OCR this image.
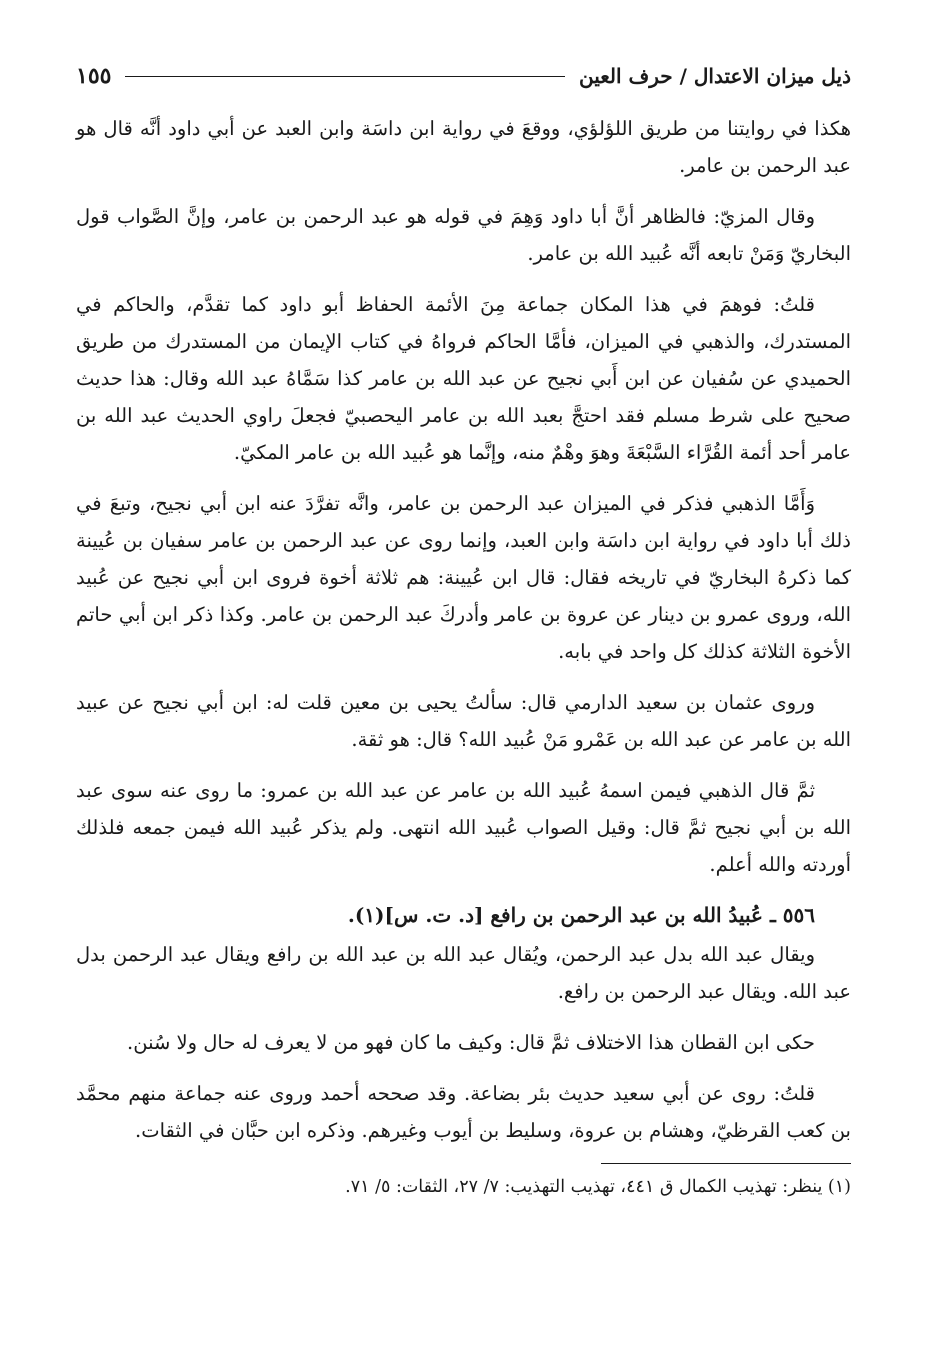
ذيل ميزان الاعتدال / حرف العين
١٥٥

هكذا في روايتنا من طريق اللؤلؤي، ووقعَ في رواية ابن داسَة وابن العبد عن أبي داود أنَّه قال هو عبد الرحمن بن عامر.

وقال المزيّ: فالظاهر أنَّ أبا داود وَهِمَ في قوله هو عبد الرحمن بن عامر، وإنَّ الصَّواب قول البخاريّ وَمَنْ تابعه أنَّه عُبيد الله بن عامر.

قلتُ: فوهمَ في هذا المكان جماعة مِنَ الأئمة الحفاظ أبو داود كما تقدَّم، والحاكم في المستدرك، والذهبي في الميزان، فأمَّا الحاكم فرواهُ في كتاب الإيمان من المستدرك من طريق الحميدي عن سُفيان عن ابن أَبي نجيح عن عبد الله بن عامر كذا سَمَّاهُ عبد الله وقال: هذا حديث صحيح على شرط مسلم فقد احتجَّ بعبد الله بن عامر اليحصبيّ فجعلَ راوي الحديث عبد الله بن عامر أحد أئمة القُرَّاء السَّبْعَةَ وهوَ وهْمٌ منه، وإنَّما هو عُبيد الله بن عامر المكيّ.

وَأَمَّا الذهبي فذكر في الميزان عبد الرحمن بن عامر، وانَّه تفرَّدَ عنه ابن أبي نجيح، وتبعَ في ذلك أبا داود في رواية ابن داسَة وابن العبد، وإنما روى عن عبد الرحمن بن عامر سفيان بن عُيينة كما ذكرهُ البخاريّ في تاريخه فقال: قال ابن عُيينة: هم ثلاثة أخوة فروى ابن أبي نجيح عن عُبيد الله، وروى عمرو بن دينار عن عروة بن عامر وأدركَ عبد الرحمن بن عامر. وكذا ذكر ابن أبي حاتم الأخوة الثلاثة كذلك كل واحد في بابه.

وروى عثمان بن سعيد الدارمي قال: سألتُ يحيى بن معين قلت له: ابن أبي نجيح عن عبيد الله بن عامر عن عبد الله بن عَمْرو مَنْ عُبيد الله؟ قال: هو ثقة.

ثمَّ قال الذهبي فيمن اسمهُ عُبيد الله بن عامر عن عبد الله بن عمرو: ما روى عنه سوى عبد الله بن أبي نجيح ثمَّ قال: وقيل الصواب عُبيد الله انتهى. ولم يذكر عُبيد الله فيمن جمعه فلذلك أوردته والله أعلم.

٥٥٦ ـ عُبيدُ الله بن عبد الرحمن بن رافع [د. ت. س](١).

ويقال عبد الله بدل عبد الرحمن، ويُقال عبد الله بن عبد الله بن رافع ويقال عبد الرحمن بدل عبد الله. ويقال عبد الرحمن بن رافع.

حكى ابن القطان هذا الاختلاف ثمَّ قال: وكيف ما كان فهو من لا يعرف له حال ولا سُنن.

قلتُ: روى عن أبي سعيد حديث بئر بضاعة. وقد صححه أحمد وروى عنه جماعة منهم محمَّد بن كعب القرظيّ، وهشام بن عروة، وسليط بن أيوب وغيرهم. وذكره ابن حبَّان في الثقات.

(١) ينظر: تهذيب الكمال ق ٤٤١، تهذيب التهذيب: ٧/ ٢٧، الثقات: ٥/ ٧١.
